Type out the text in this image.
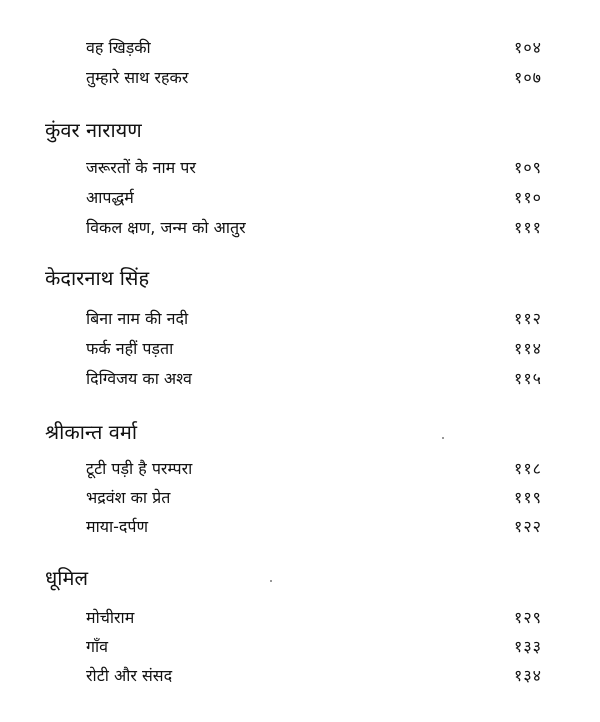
वह खिड़की	१०४
तुम्हारे साथ रहकर	१०७
कुंवर नारायण
जरूरतों के नाम पर	१०९
आपद्धर्म	११०
विकल क्षण, जन्म को आतुर	१११
केदारनाथ सिंह
बिना नाम की नदी	११२
फर्क नहीं पड़ता	११४
दिग्विजय का अश्व	११५
श्रीकान्त वर्मा
टूटी पड़ी है परम्परा	११८
भद्रवंश का प्रेत	११९
माया-दर्पण	१२२
धूमिल
मोचीराम	१२९
गाँव	१३३
रोटी और संसद	१३४
